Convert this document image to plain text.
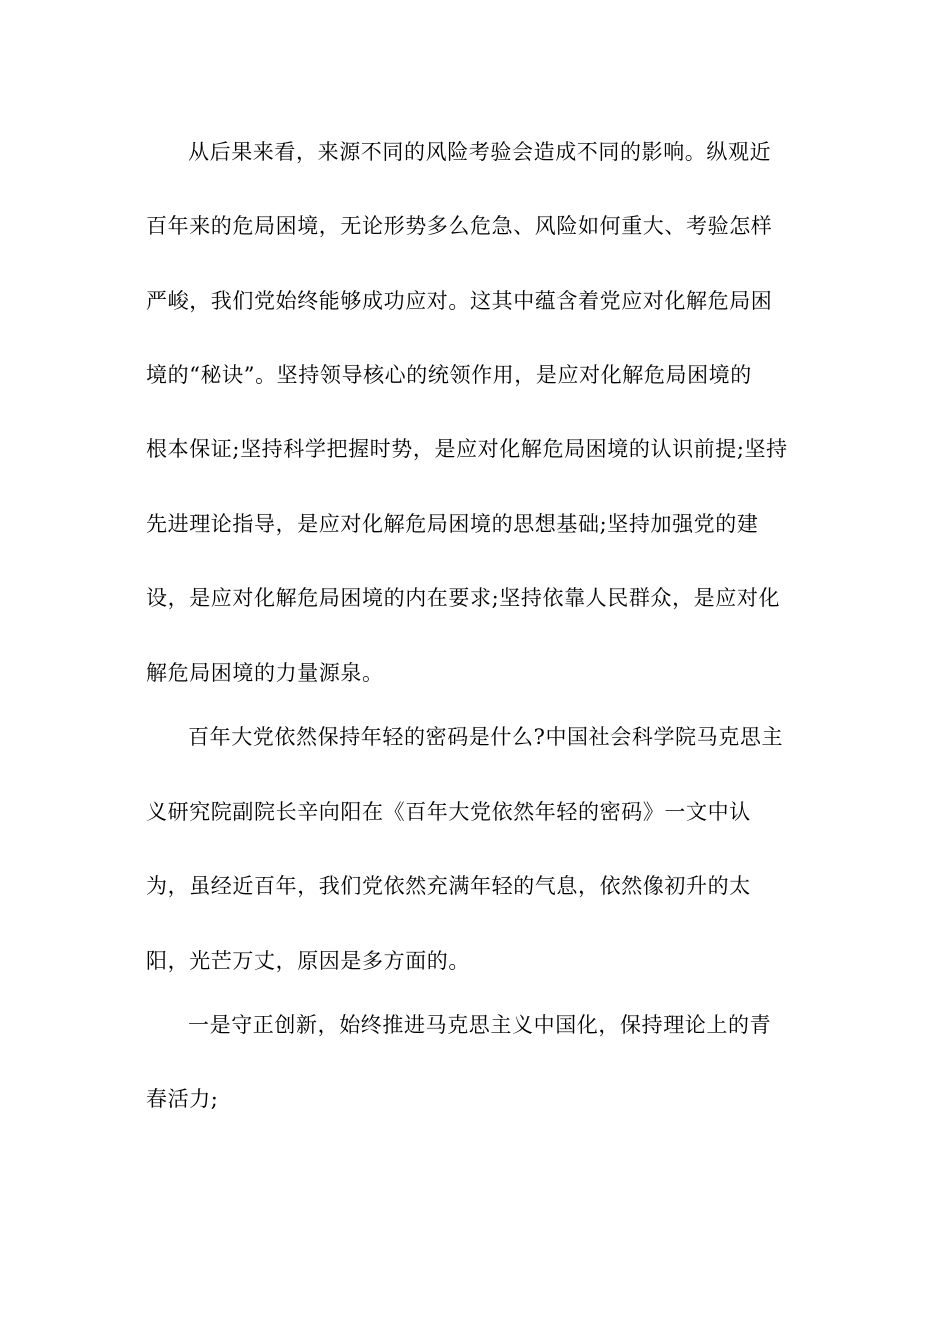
从后果来看，来源不同的风险考验会造成不同的影响。纵观近
百年来的危局困境，无论形势多么危急、风险如何重大、考验怎样
严峻，我们党始终能够成功应对。这其中蕴含着党应对化解危局困
境的“秘诀”。坚持领导核心的统领作用，是应对化解危局困境的
根本保证;坚持科学把握时势，是应对化解危局困境的认识前提;坚持
先进理论指导，是应对化解危局困境的思想基础;坚持加强党的建
设，是应对化解危局困境的内在要求;坚持依靠人民群众，是应对化
解危局困境的力量源泉。
百年大党依然保持年轻的密码是什么?中国社会科学院马克思主
义研究院副院长辛向阳在《百年大党依然年轻的密码》一文中认
为，虽经近百年，我们党依然充满年轻的气息，依然像初升的太
阳，光芒万丈，原因是多方面的。
一是守正创新，始终推进马克思主义中国化，保持理论上的青
春活力;
